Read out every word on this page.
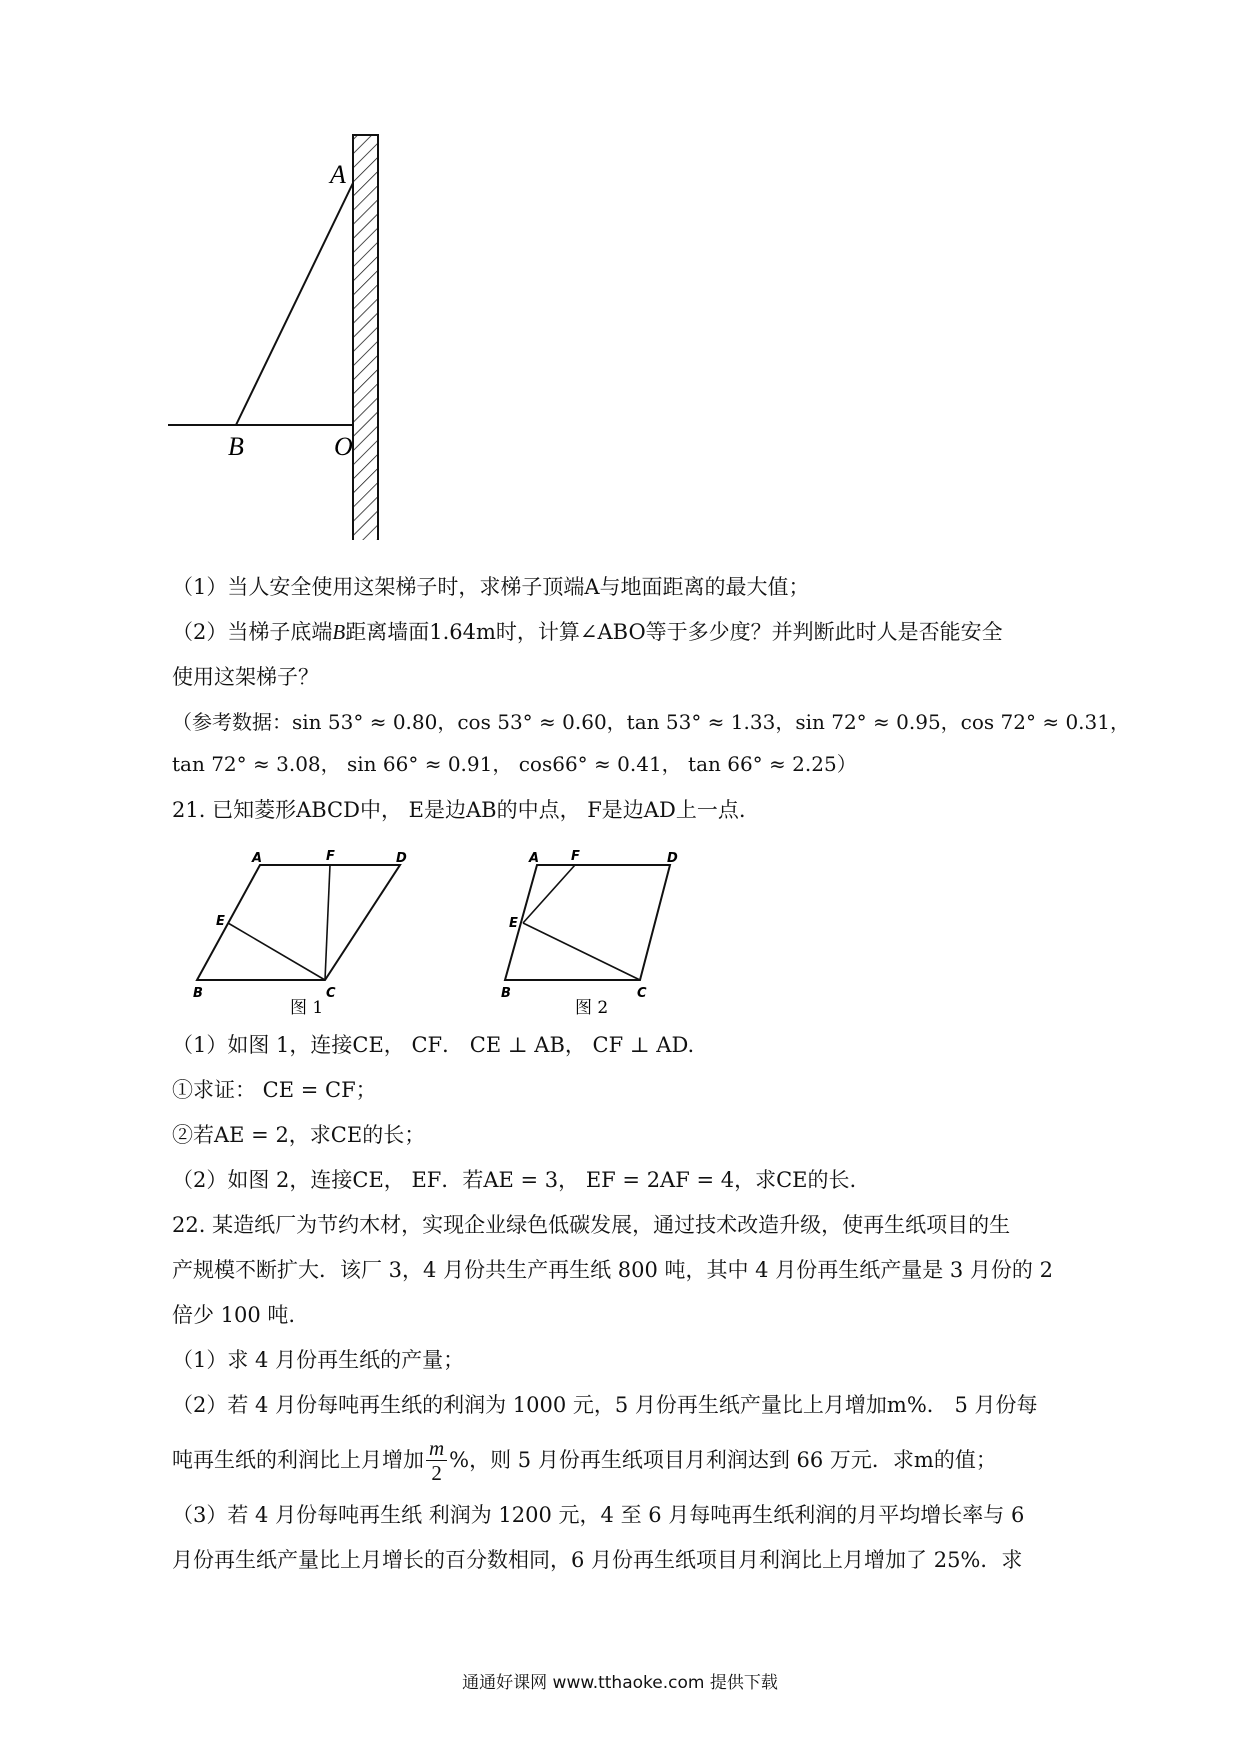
A
B	O
（1）当人安全使用这架梯子时，求梯子顶端A与地面距离的最大值；
（2）当梯子底端B距离墙面1.64m时，计算∠ABO等于多少度？并判断此时人是否能安全
使用这架梯子？
（参考数据：sin 53° ≈ 0.80，cos 53° ≈ 0.60，tan 53° ≈ 1.33，sin 72° ≈ 0.95，cos 72° ≈ 0.31，
tan 72° ≈ 3.08， sin 66° ≈ 0.91， cos66° ≈ 0.41， tan 66° ≈ 2.25）
21. 已知菱形ABCD中， E是边AB的中点， F是边AD上一点.
A	F	D
E
B	C
图 1
A F	D
E
B	C
图 2
（1）如图 1，连接CE， CF． CE ⊥ AB， CF ⊥ AD.
①求证： CE = CF；
②若AE = 2，求CE的长；
（2）如图 2，连接CE， EF．若AE = 3， EF = 2AF = 4，求CE的长.
22. 某造纸厂为节约木材，实现企业绿色低碳发展，通过技术改造升级，使再生纸项目的生
产规模不断扩大．该厂 3，4 月份共生产再生纸 800 吨，其中 4 月份再生纸产量是 3 月份的 2
倍少 100 吨.
（1）求 4 月份再生纸的产量；
（2）若 4 月份每吨再生纸的利润为 1000 元，5 月份再生纸产量比上月增加m%． 5 月份每
吨再生纸的利润比上月增加 $\frac{m}{2}$ %，则 5 月份再生纸项目月利润达到 66 万元．求m的值；
（3）若 4 月份每吨再生纸 利润为 1200 元，4 至 6 月每吨再生纸利润的月平均增长率与 6
月份再生纸产量比上月增长的百分数相同，6 月份再生纸项目月利润比上月增加了 25%．求
通通好课网 www.tthaoke.com 提供下载
